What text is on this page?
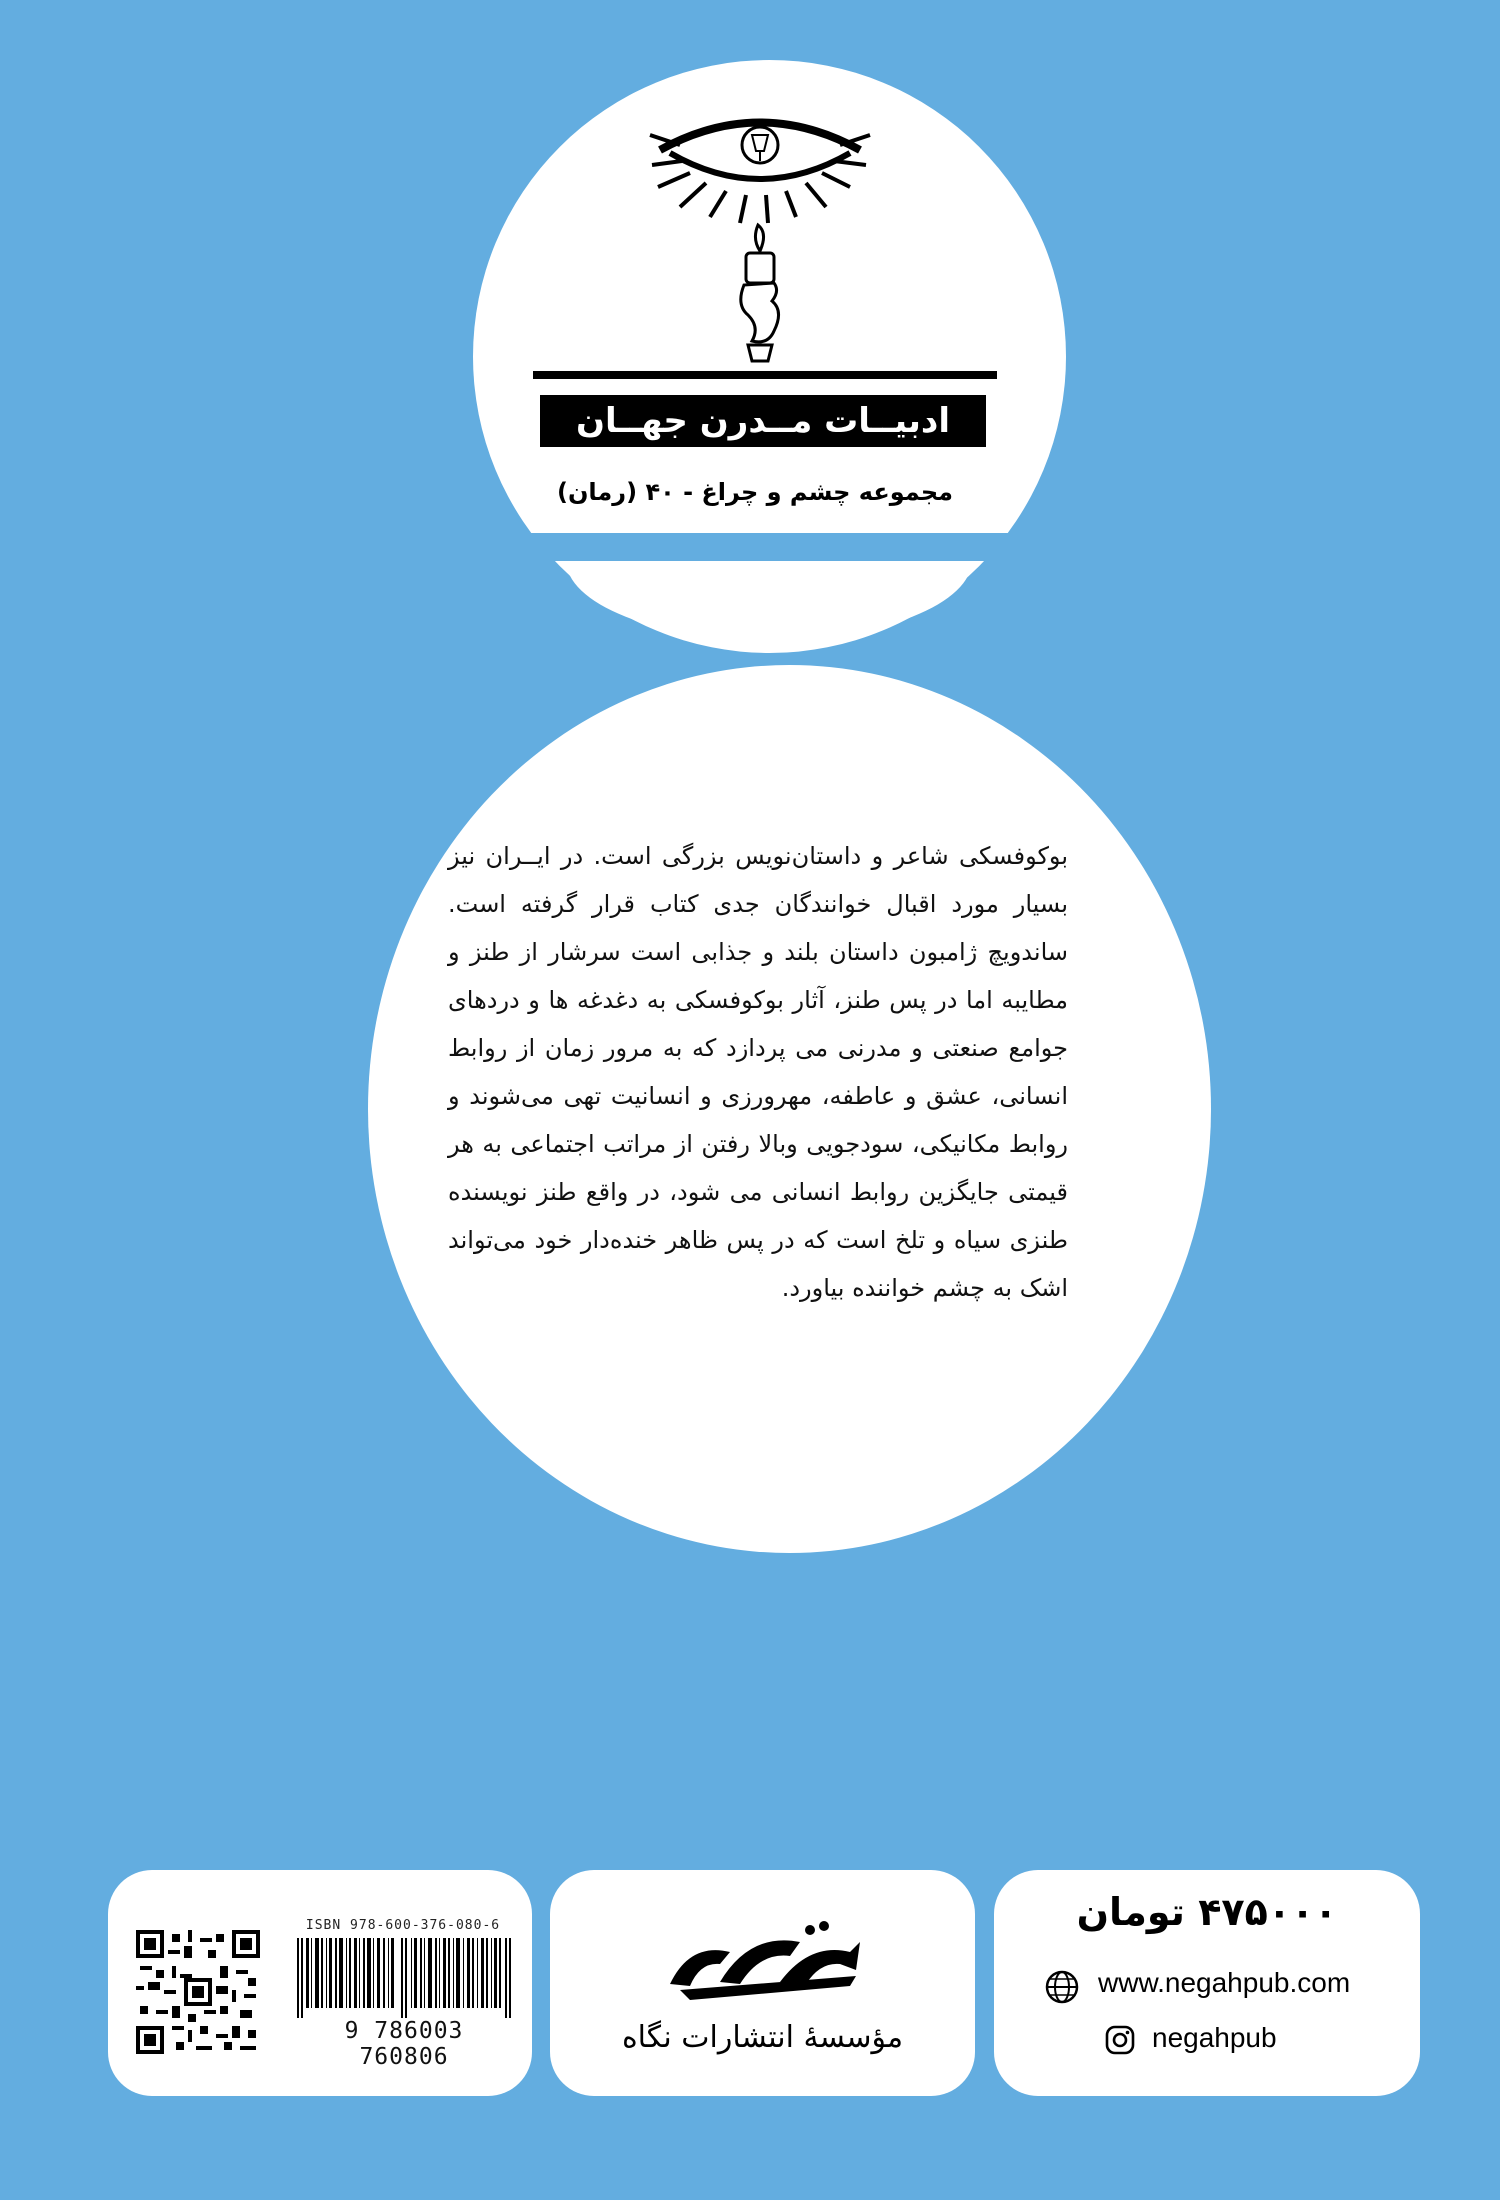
ادبیــات مــدرن جهــان
مجموعه چشم و چراغ - ۴۰ (رمان)
بوکوفسکی شاعر و داستان‌نویس بزرگی است. در ایــران نیز بسیار مورد اقبال خوانندگان جدی کتاب قرار گرفته است. ساندویچ ژامبون داستان بلند و جذابی است سرشار از طنز و مطایبه اما در پس طنز، آثار بوکوفسکی به دغدغه ها و دردهای جوامع صنعتی و مدرنی می پردازد که به مرور زمان از روابط انسانی، عشق و عاطفه، مهرورزی و انسانیت تهی می‌شوند و روابط مکانیکی، سودجویی وبالا رفتن از مراتب اجتماعی به هر قیمتی جایگزین روابط انسانی می شود، در واقع طنز نویسنده طنزی سیاه و تلخ است که در پس ظاهر خنده‌دار خود می‌تواند اشک به چشم خواننده بیاورد.
ISBN 978-600-376-080-6
9 786003 760806
مؤسسهٔ انتشارات نگاه
۴۷۵۰۰۰ تومان
www.negahpub.com
negahpub
